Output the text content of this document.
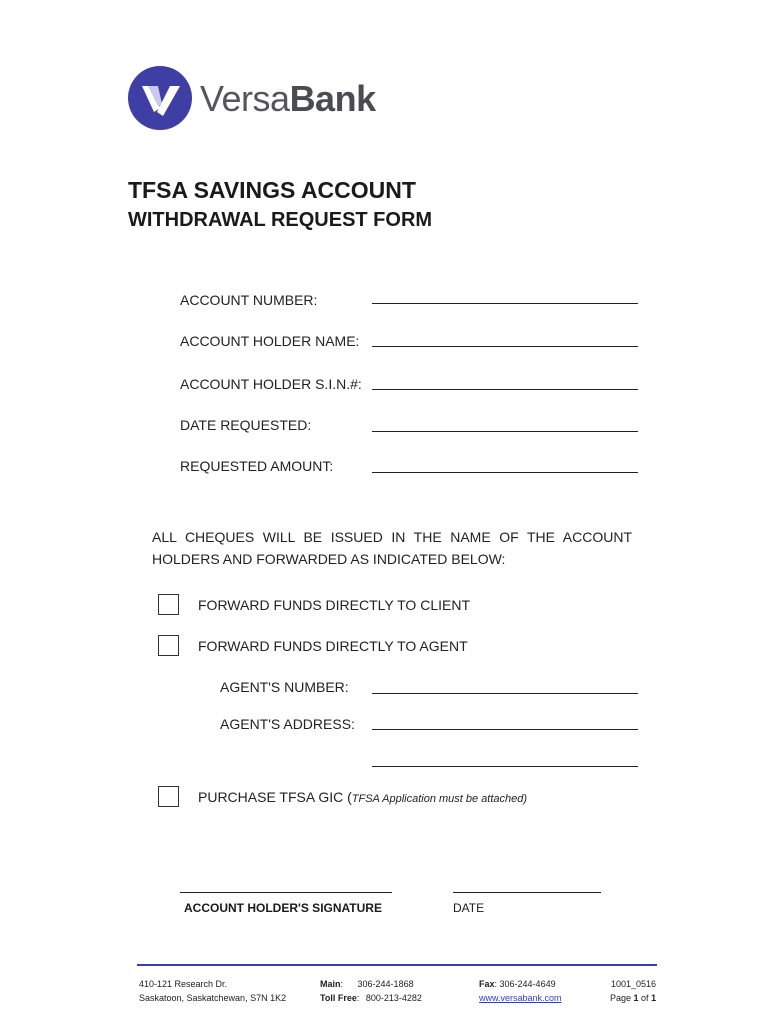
VersaBank
TFSA SAVINGS ACCOUNT
WITHDRAWAL REQUEST FORM
ACCOUNT NUMBER:
ACCOUNT HOLDER NAME:
ACCOUNT HOLDER S.I.N.#:
DATE REQUESTED:
REQUESTED AMOUNT:
ALL CHEQUES WILL BE ISSUED IN THE NAME OF THE ACCOUNT HOLDERS AND FORWARDED AS INDICATED BELOW:
FORWARD FUNDS DIRECTLY TO CLIENT
FORWARD FUNDS DIRECTLY TO AGENT
AGENT'S NUMBER:
AGENT'S ADDRESS:
PURCHASE TFSA GIC (TFSA Application must be attached)
ACCOUNT HOLDER'S SIGNATURE	DATE
410-121 Research Dr.
Saskatoon, Saskatchewan, S7N 1K2
Main: 306-244-1868
Toll Free: 800-213-4282
Fax: 306-244-4649
www.versabank.com
1001_0516
Page 1 of 1
